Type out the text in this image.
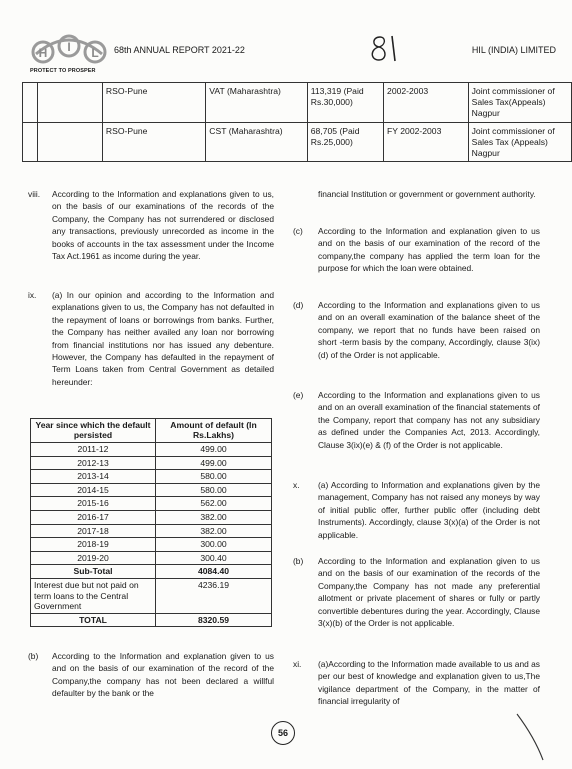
H I L
PROTECT TO PROSPER
68th ANNUAL REPORT 2021-22	HIL (INDIA) LIMITED
		RSO-Pune	VAT (Maharashtra)	113,319 (Paid Rs.30,000)	2002-2003	Joint commissioner of Sales Tax(Appeals) Nagpur
		RSO-Pune	CST (Maharashtra)	68,705 (Paid Rs.25,000)	FY 2002-2003	Joint commissioner of Sales Tax (Appeals) Nagpur
viii. According to the Information and explanations given to us, on the basis of our examinations of the records of the Company, the Company has not surrendered or disclosed any transactions, previously unrecorded as income in the books of accounts in the tax assessment under the Income Tax Act.1961 as income during the year.
ix. (a) In our opinion and according to the Information and explanations given to us, the Company has not defaulted in the repayment of loans or borrowings from banks. Further, the Company has neither availed any loan nor borrowing from financial institutions nor has issued any debenture. However, the Company has defaulted in the repayment of Term Loans taken from Central Government as detailed hereunder:
Year since which the default persisted	Amount of default (In Rs.Lakhs)
2011-12	499.00
2012-13	499.00
2013-14	580.00
2014-15	580.00
2015-16	562.00
2016-17	382.00
2017-18	382.00
2018-19	300.00
2019-20	300.40
Sub-Total	4084.40
Interest due but not paid on term loans to the Central Government	4236.19
TOTAL	8320.59
(b) According to the Information and explanation given to us and on the basis of our examination of the record of the Company,the company has not been declared a willful defaulter by the bank or the
financial Institution or government or government authority.
(c) According to the Information and explanation given to us and on the basis of our examination of the record of the company,the company has applied the term loan for the purpose for which the loan were obtained.
(d) According to the Information and explanations given to us and on an overall examination of the balance sheet of the company, we report that no funds have been raised on short -term basis by the company, Accordingly, clause 3(ix)(d) of the Order is not applicable.
(e) According to the Information and explanations given to us and on an overall examination of the financial statements of the Company, report that company has not any subsidiary as defined under the Companies Act, 2013. Accordingly, Clause 3(ix)(e) & (f) of the Order is not applicable.
x. (a) According to Information and explanations given by the management, Company has not raised any moneys by way of initial public offer, further public offer (including debt Instruments). Accordingly, clause 3(x)(a) of the Order is not applicable.
(b) According to the Information and explanation given to us and on the basis of our examination of the records of the Company,the Company has not made any preferential allotment or private placement of shares or fully or partly convertible debentures during the year. Accordingly, Clause 3(x)(b) of the Order is not applicable.
xi. (a)According to the Information made available to us and as per our best of knowledge and explanation given to us,The vigilance department of the Company, in the matter of financial irregularity of
56
